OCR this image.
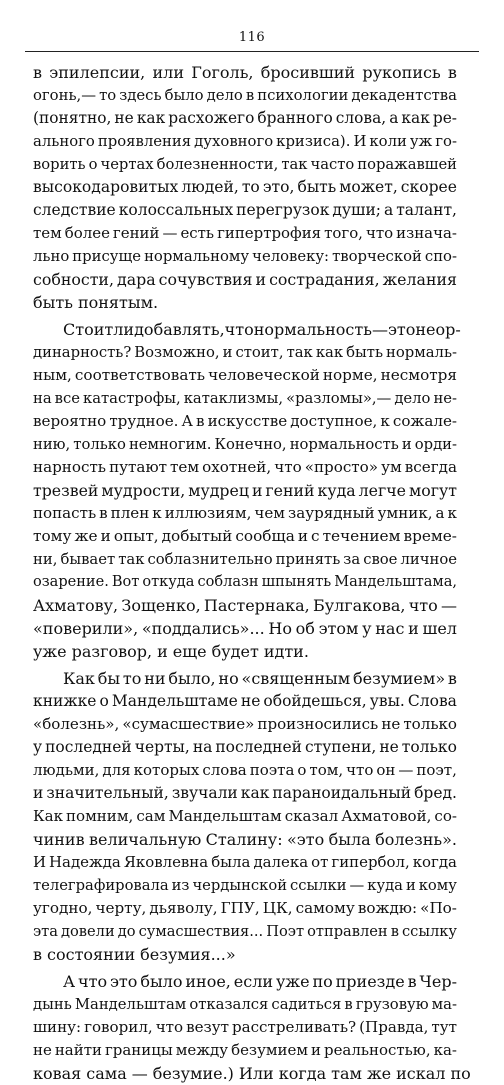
116
в эпилепсии, или Гоголь, бросивший рукопись в
огонь,— то здесь было дело в психологии декадентства
(понятно, не как расхожего бранного слова, а как ре-
ального проявления духовного кризиса). И коли уж го-
ворить о чертах болезненности, так часто поражавшей
высокодаровитых людей, то это, быть может, скорее
следствие колоссальных перегрузок души; а талант,
тем более гений — есть гипертрофия того, что изнача-
льно присуще нормальному человеку: творческой спо-
собности, дара сочувствия и сострадания, желания
быть понятым.
Стоит ли добавлять, что нормальность — это не ор-
динарность? Возможно, и стоит, так как быть нормаль-
ным, соответствовать человеческой норме, несмотря
на все катастрофы, катаклизмы, «разломы»,— дело не-
вероятно трудное. А в искусстве доступное, к сожале-
нию, только немногим. Конечно, нормальность и орди-
нарность путают тем охотней, что «просто» ум всегда
трезвей мудрости, мудрец и гений куда легче могут
попасть в плен к иллюзиям, чем заурядный умник, а к
тому же и опыт, добытый сообща и с течением време-
ни, бывает так соблазнительно принять за свое личное
озарение. Вот откуда соблазн шпынять Мандельштама,
Ахматову, Зощенко, Пастернака, Булгакова, что —
«поверили», «поддались»... Но об этом у нас и шел
уже разговор, и еще будет идти.
Как бы то ни было, но «священным безумием» в
книжке о Мандельштаме не обойдешься, увы. Слова
«болезнь», «сумасшествие» произносились не только
у последней черты, на последней ступени, не только
людьми, для которых слова поэта о том, что он — поэт,
и значительный, звучали как параноидальный бред.
Как помним, сам Мандельштам сказал Ахматовой, со-
чинив величальную Сталину: «это была болезнь».
И Надежда Яковлевна была далека от гипербол, когда
телеграфировала из чердынской ссылки — куда и кому
угодно, черту, дьяволу, ГПУ, ЦК, самому вождю: «По-
эта довели до сумасшествия... Поэт отправлен в ссылку
в состоянии безумия...»
А что это было иное, если уже по приезде в Чер-
дынь Мандельштам отказался садиться в грузовую ма-
шину: говорил, что везут расстреливать? (Правда, тут
не найти границы между безумием и реальностью, ка-
ковая сама — безумие.) Или когда там же искал по
